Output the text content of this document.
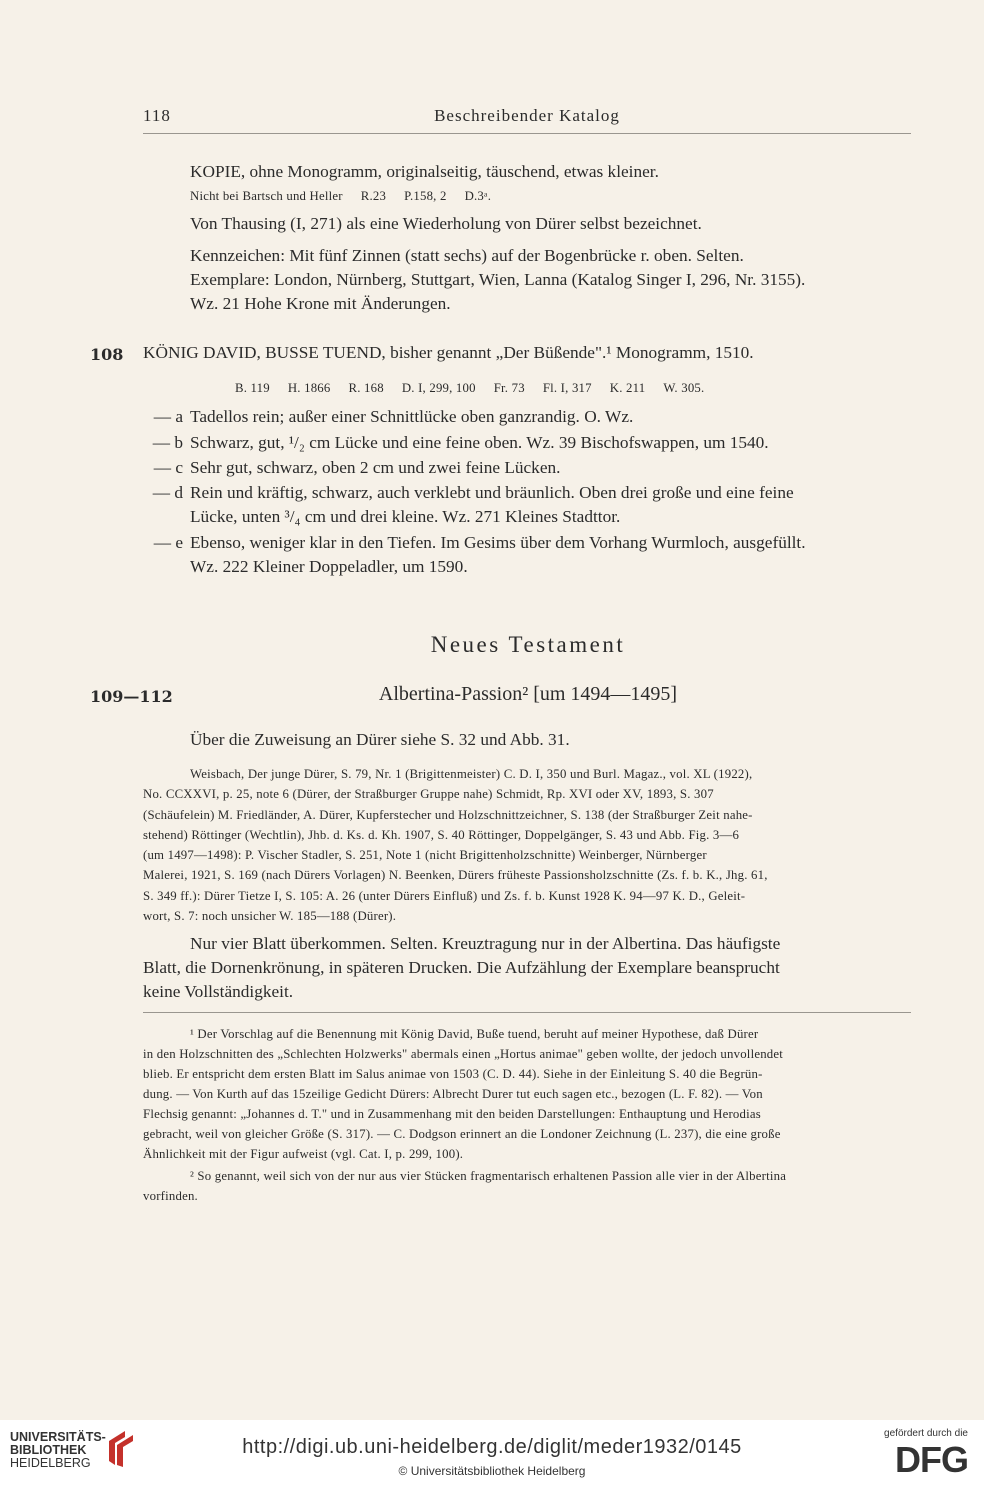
118	Beschreibender Katalog
KOPIE, ohne Monogramm, originalseitig, täuschend, etwas kleiner.
Nicht bei Bartsch und Heller R.23 P.158, 2 D.3ᵃ.
Von Thausing (I, 271) als eine Wiederholung von Dürer selbst bezeichnet.
Kennzeichen: Mit fünf Zinnen (statt sechs) auf der Bogenbrücke r. oben. Selten.
Exemplare: London, Nürnberg, Stuttgart, Wien, Lanna (Katalog Singer I, 296, Nr. 3155).
Wz. 21 Hohe Krone mit Änderungen.
108 KÖNIG DAVID, BUSSE TUEND, bisher genannt „Der Büßende".¹ Monogramm, 1510.
B. 119 H. 1866 R. 168 D. I, 299, 100 Fr. 73 Fl. I, 317 K. 211 W. 305.
— a Tadellos rein; außer einer Schnittlücke oben ganzrandig. O. Wz.
— b Schwarz, gut, ¹/₂ cm Lücke und eine feine oben. Wz. 39 Bischofswappen, um 1540.
— c Sehr gut, schwarz, oben 2 cm und zwei feine Lücken.
— d Rein und kräftig, schwarz, auch verklebt und bräunlich. Oben drei große und eine feine
Lücke, unten ³/₄ cm und drei kleine. Wz. 271 Kleines Stadttor.
— e Ebenso, weniger klar in den Tiefen. Im Gesims über dem Vorhang Wurmloch, ausgefüllt.
Wz. 222 Kleiner Doppeladler, um 1590.
Neues Testament
109—112	Albertina-Passion² [um 1494—1495]
Über die Zuweisung an Dürer siehe S. 32 und Abb. 31.
Weisbach, Der junge Dürer, S. 79, Nr. 1 (Brigittenmeister) C. D. I, 350 und Burl. Magaz., vol. XL (1922),
No. CCXXVI, p. 25, note 6 (Dürer, der Straßburger Gruppe nahe) Schmidt, Rp. XVI oder XV, 1893, S. 307
(Schäufelein) M. Friedländer, A. Dürer, Kupferstecher und Holzschnittzeichner, S. 138 (der Straßburger Zeit nahe-
stehend) Röttinger (Wechtlin), Jhb. d. Ks. d. Kh. 1907, S. 40 Röttinger, Doppelgänger, S. 43 und Abb. Fig. 3—6
(um 1497—1498): P. Vischer Stadler, S. 251, Note 1 (nicht Brigittenholzschnitte) Weinberger, Nürnberger
Malerei, 1921, S. 169 (nach Dürers Vorlagen) N. Beenken, Dürers früheste Passionsholzschnitte (Zs. f. b. K., Jhg. 61,
S. 349 ff.): Dürer Tietze I, S. 105: A. 26 (unter Dürers Einfluß) und Zs. f. b. Kunst 1928 K. 94—97 K. D., Geleit-
wort, S. 7: noch unsicher W. 185—188 (Dürer).
Nur vier Blatt überkommen. Selten. Kreuztragung nur in der Albertina. Das häufigste
Blatt, die Dornenkrönung, in späteren Drucken. Die Aufzählung der Exemplare beansprucht
keine Vollständigkeit.
¹ Der Vorschlag auf die Benennung mit König David, Buße tuend, beruht auf meiner Hypothese, daß Dürer
in den Holzschnitten des „Schlechten Holzwerks" abermals einen „Hortus animae" geben wollte, der jedoch unvollendet
blieb. Er entspricht dem ersten Blatt im Salus animae von 1503 (C. D. 44). Siehe in der Einleitung S. 40 die Begrün-
dung. — Von Kurth auf das 15zeilige Gedicht Dürers: Albrecht Durer tut euch sagen etc., bezogen (L. F. 82). — Von
Flechsig genannt: „Johannes d. T." und in Zusammenhang mit den beiden Darstellungen: Enthauptung und Herodias
gebracht, weil von gleicher Größe (S. 317). — C. Dodgson erinnert an die Londoner Zeichnung (L. 237), die eine große
Ähnlichkeit mit der Figur aufweist (vgl. Cat. I, p. 299, 100).
² So genannt, weil sich von der nur aus vier Stücken fragmentarisch erhaltenen Passion alle vier in der Albertina
vorfinden.
UNIVERSITÄTS-
BIBLIOTHEK
HEIDELBERG
http://digi.ub.uni-heidelberg.de/diglit/meder1932/0145
© Universitätsbibliothek Heidelberg
gefördert durch die
DFG
